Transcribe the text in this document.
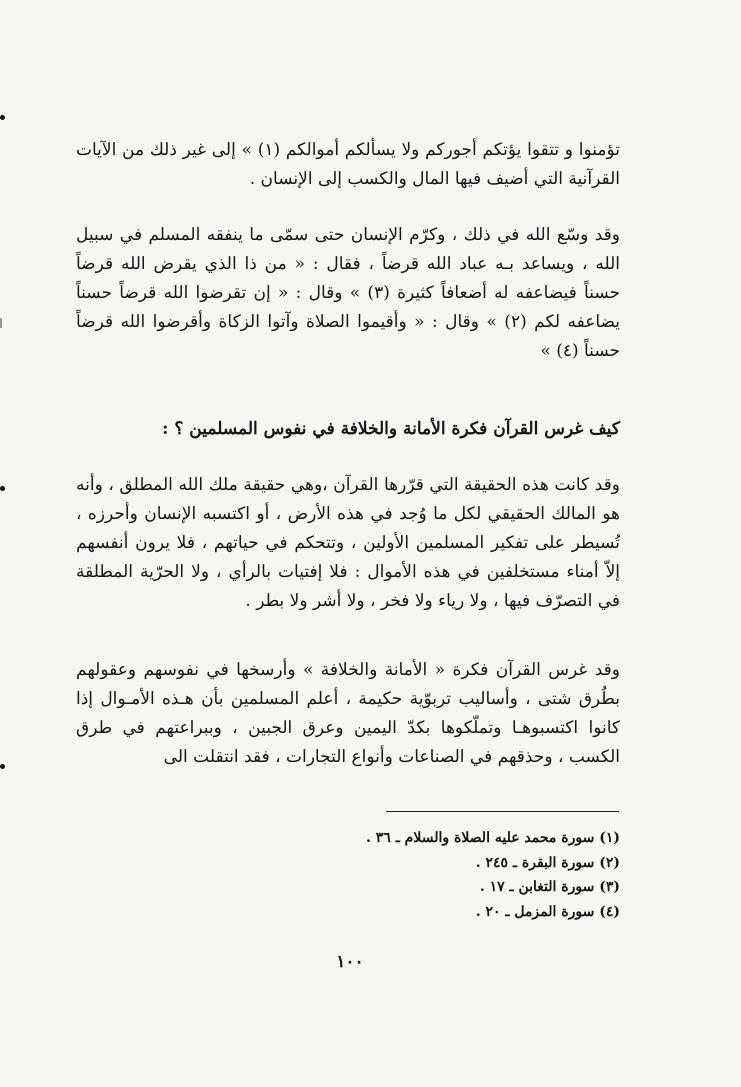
تؤمنوا و تتقوا يؤتكم أجوركم ولا يسألكم أموالكم (١) » إلى غير ذلك من الآيات القرآنية التي أضيف فيها المال والكسب إلى الإنسان .

وقد وسّع الله في ذلك ، وكرّم الإنسان حتى سمّى ما ينفقه المسلم في سبيل الله ، ويساعد بـه عباد الله قرضاً ، فقال : « من ذا الذي يقرض الله قرضاً حسناً فيضاعفه له أضعافاً كثيرة (٣) » وقال : « إن تقرضوا الله قرضاً حسناً يضاعفه لكم (٢) » وقال : « وأقيموا الصلاة وآتوا الزكاة وأقرضوا الله قرضاً حسناً (٤) »

كيف غرس القرآن فكرة الأمانة والخلافة في نفوس المسلمين ؟ :

وقد كانت هذه الحقيقة التي قرّرها القرآن ،وهي حقيقة ملك الله المطلق ، وأنه هو المالك الحقيقي لكل ما وُجد في هذه الأرض ، أو اكتسبه الإنسان وأحرزه ، تُسيطر على تفكير المسلمين الأولين ، وتتحكم في حياتهم ، فلا يرون أنفسهم إلاّ أمناء مستخلفين في هذه الأموال : فلا إفتيات بالرأي ، ولا الحرّية المطلقة في التصرّف فيها ، ولا رياء ولا فخر ، ولا أشر ولا بطر .

وقد غرس القرآن فكرة « الأمانة والخلافة » وأرسخها في نفوسهم وعقولهم بطُرق شتى ، وأساليب تربوّية حكيمة ، أعلم المسلمين بأن هـذه الأمـوال إذا كانوا اكتسبوهـا وتملّكوها بكدّ اليمين وعرق الجبين ، وببراعتهم في طرق الكسب ، وحذقهم في الصناعات وأنواع التجارات ، فقد انتقلت الى

(١) سورة محمد عليه الصلاة والسلام ـ ٣٦ .

(٢) سورة البقرة ـ ٢٤٥ .

(٣) سورة التغابن ـ ١٧ .

(٤) سورة المزمل ـ ٢٠ .

١٠٠
